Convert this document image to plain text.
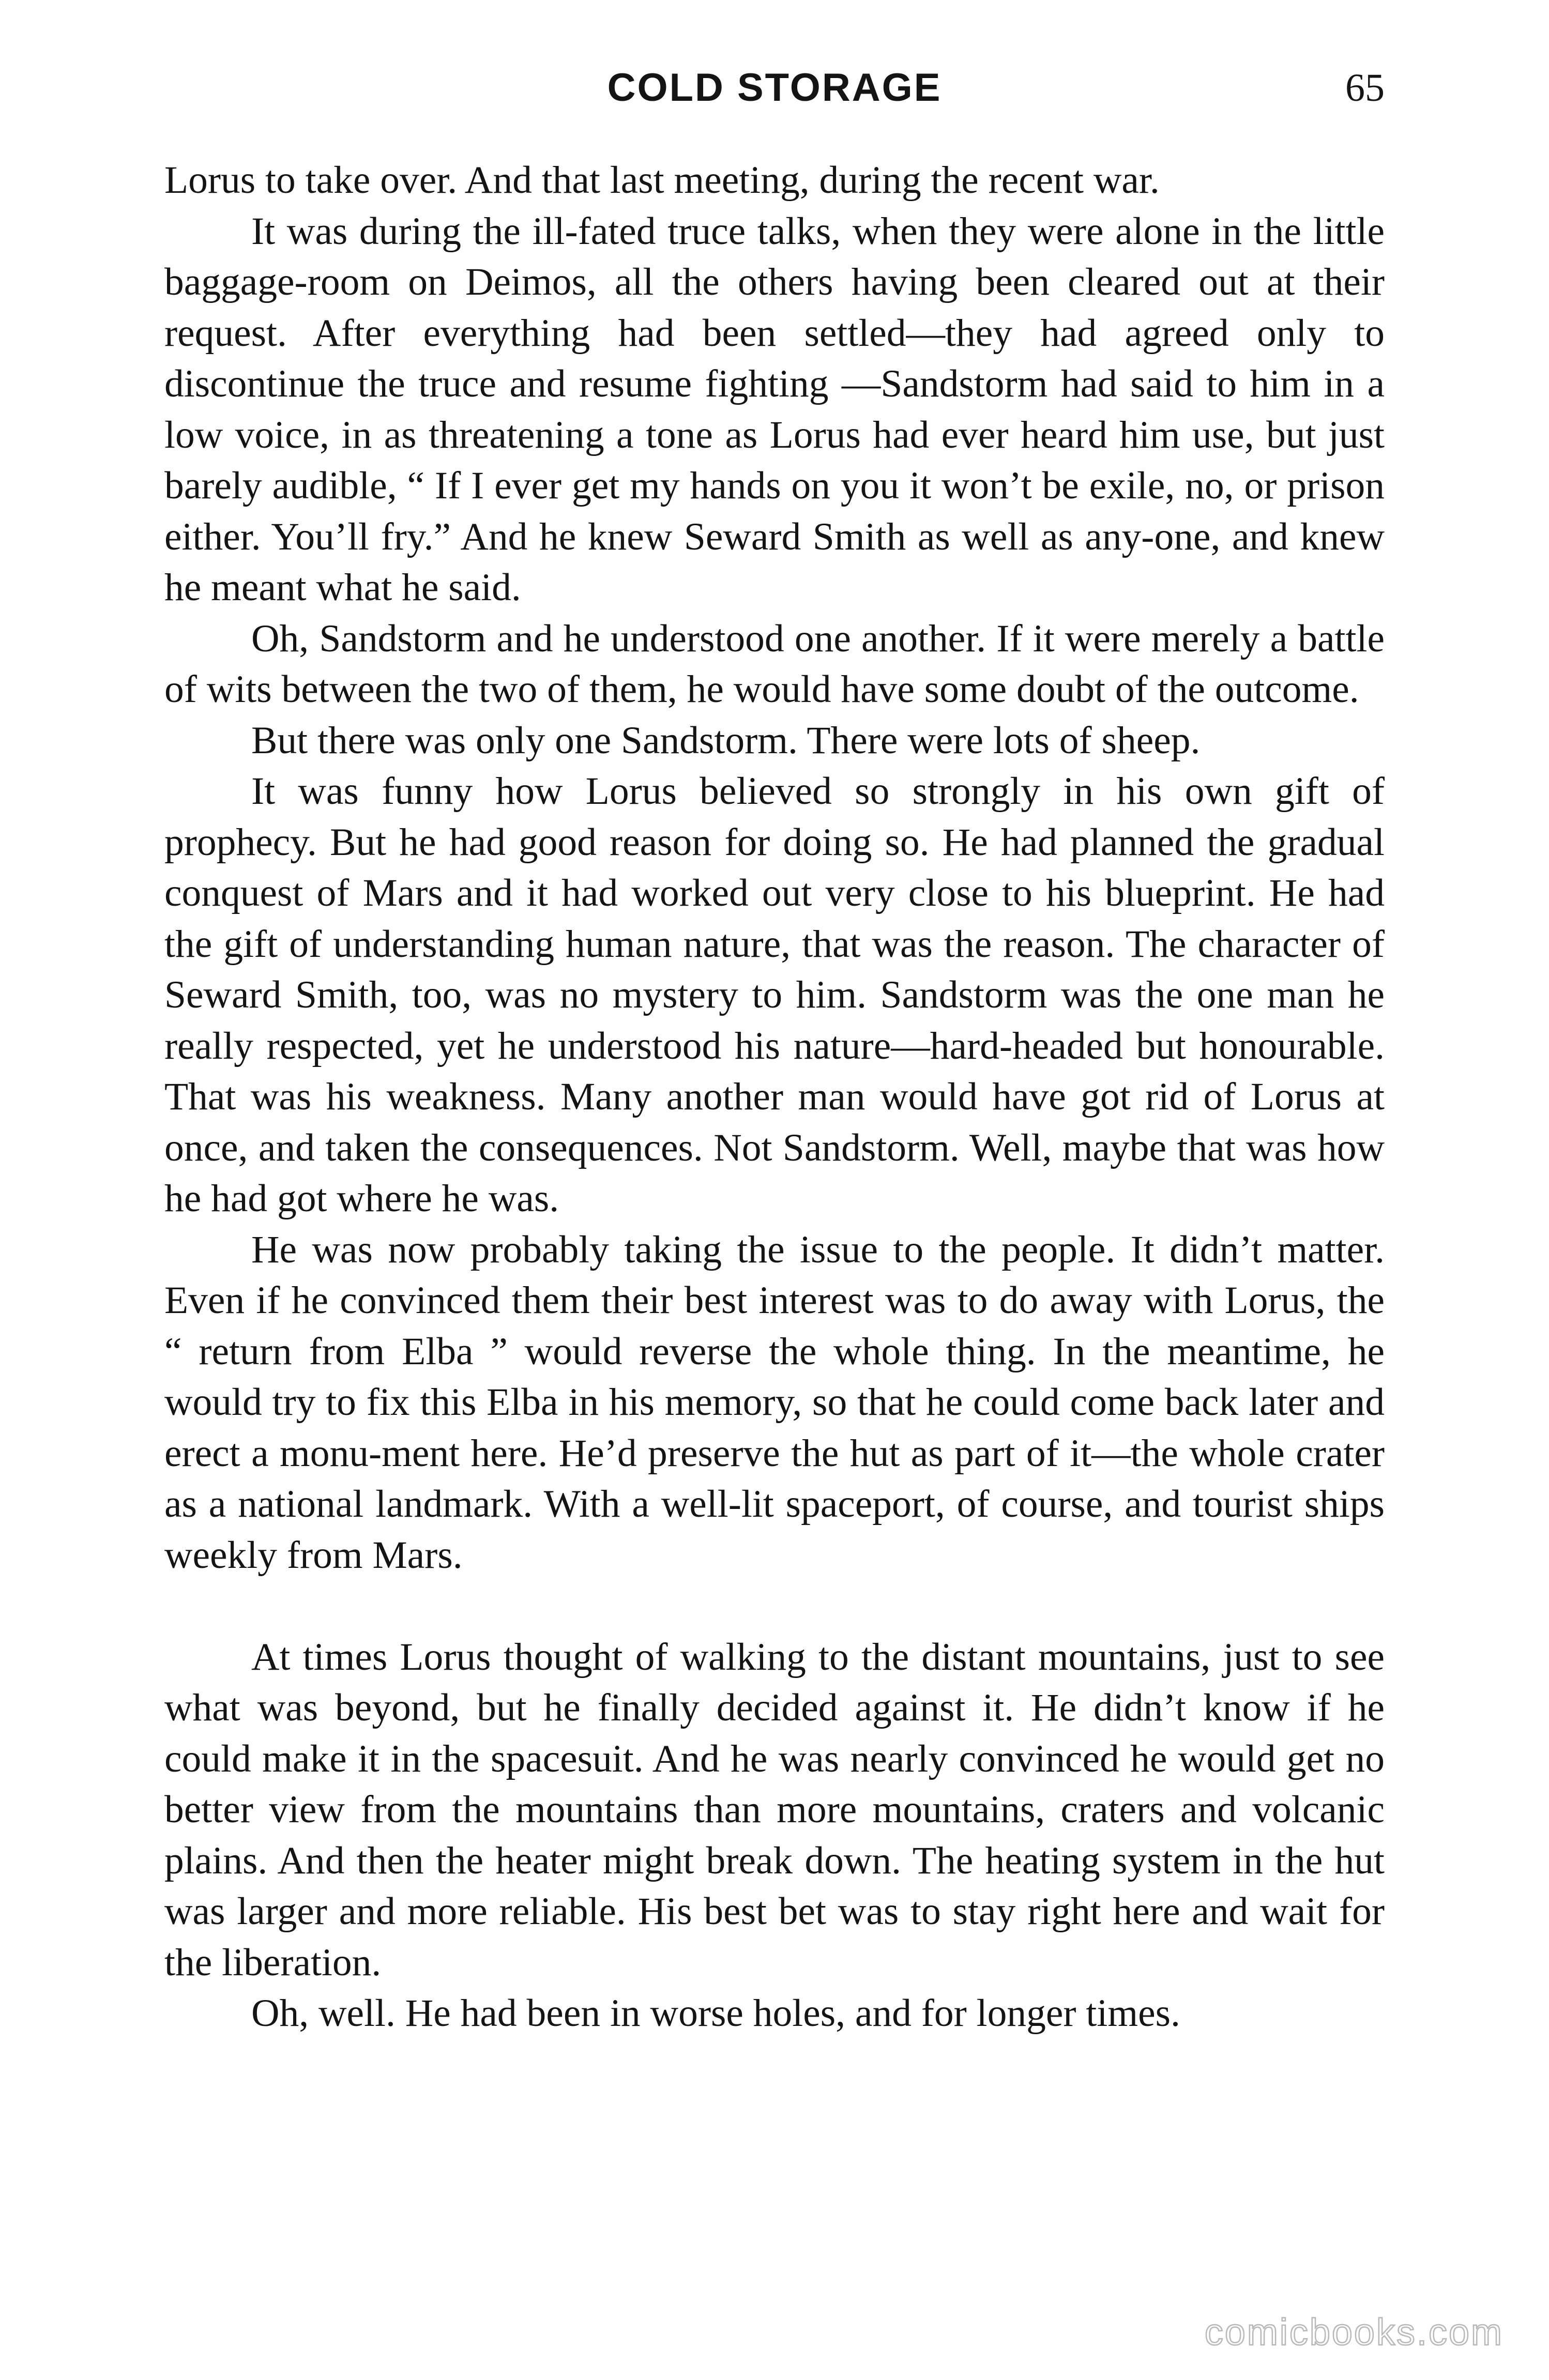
COLD STORAGE	65

Lorus to take over. And that last meeting, during the recent war.

It was during the ill-fated truce talks, when they were alone in the little baggage-room on Deimos, all the others having been cleared out at their request. After everything had been settled—they had agreed only to discontinue the truce and resume fighting —Sandstorm had said to him in a low voice, in as threatening a tone as Lorus had ever heard him use, but just barely audible, “ If I ever get my hands on you it won’t be exile, no, or prison either. You’ll fry.” And he knew Seward Smith as well as any-one, and knew he meant what he said.

Oh, Sandstorm and he understood one another. If it were merely a battle of wits between the two of them, he would have some doubt of the outcome.

But there was only one Sandstorm. There were lots of sheep.

It was funny how Lorus believed so strongly in his own gift of prophecy. But he had good reason for doing so. He had planned the gradual conquest of Mars and it had worked out very close to his blueprint. He had the gift of understanding human nature, that was the reason. The character of Seward Smith, too, was no mystery to him. Sandstorm was the one man he really respected, yet he understood his nature—hard-headed but honourable. That was his weakness. Many another man would have got rid of Lorus at once, and taken the consequences. Not Sandstorm. Well, maybe that was how he had got where he was.

He was now probably taking the issue to the people. It didn’t matter. Even if he convinced them their best interest was to do away with Lorus, the “ return from Elba ” would reverse the whole thing. In the meantime, he would try to fix this Elba in his memory, so that he could come back later and erect a monu-ment here. He’d preserve the hut as part of it—the whole crater as a national landmark. With a well-lit spaceport, of course, and tourist ships weekly from Mars.

At times Lorus thought of walking to the distant mountains, just to see what was beyond, but he finally decided against it. He didn’t know if he could make it in the spacesuit. And he was nearly convinced he would get no better view from the mountains than more mountains, craters and volcanic plains. And then the heater might break down. The heating system in the hut was larger and more reliable. His best bet was to stay right here and wait for the liberation.

Oh, well. He had been in worse holes, and for longer times.

comicbooks.com
